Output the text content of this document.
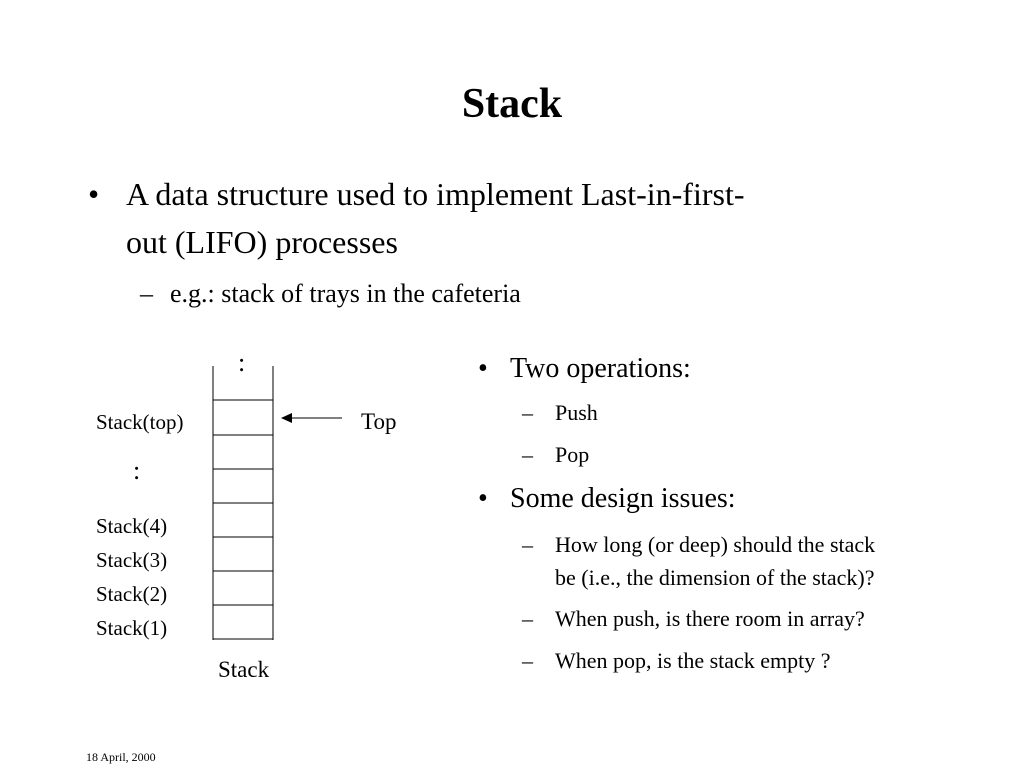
Stack
• A data structure used to implement Last-in-first-
out (LIFO) processes
– e.g.: stack of trays in the cafeteria
:
Stack(top)	Top
:
Stack(4)
Stack(3)
Stack(2)
Stack(1)
Stack
• Two operations:
– Push
– Pop
• Some design issues:
– How long (or deep) should the stack
be (i.e., the dimension of the stack)?
– When push, is there room in array?
– When pop, is the stack empty ?
18 April, 2000
